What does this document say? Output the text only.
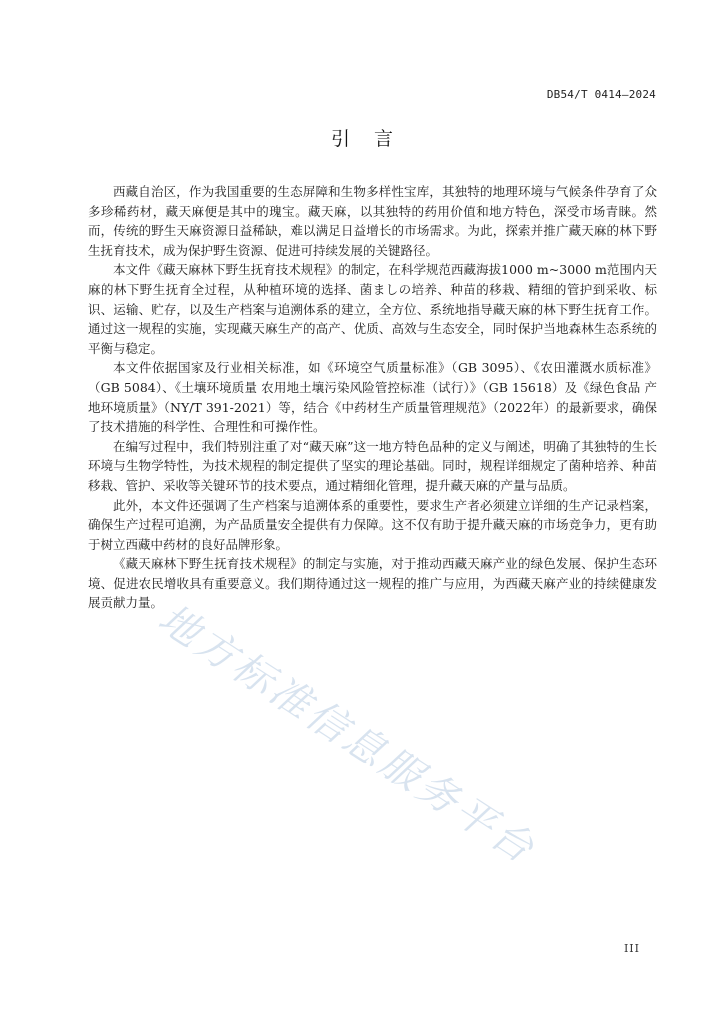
DB54/T 0414—2024
引言

西藏自治区，作为我国重要的生态屏障和生物多样性宝库，其独特的地理环境与气候条件孕育了众多珍稀药材，藏天麻便是其中的瑰宝。藏天麻，以其独特的药用价值和地方特色，深受市场青睐。然而，传统的野生天麻资源日益稀缺，难以满足日益增长的市场需求。为此，探索并推广藏天麻的林下野生抚育技术，成为保护野生资源、促进可持续发展的关键路径。

本文件《藏天麻林下野生抚育技术规程》的制定，在科学规范西藏海拔1000 m~3000 m范围内天麻的林下野生抚育全过程，从种植环境的选择、菌ましの培养、种苗的移栽、精细的管护到采收、标识、运输、贮存，以及生产档案与追溯体系的建立，全方位、系统地指导藏天麻的林下野生抚育工作。通过这一规程的实施，实现藏天麻生产的高产、优质、高效与生态安全，同时保护当地森林生态系统的平衡与稳定。

本文件依据国家及行业相关标准，如《环境空气质量标准》（GB 3095）、《农田灌溉水质标准》（GB 5084）、《土壤环境质量 农用地土壤污染风险管控标准（试行）》（GB 15618）及《绿色食品 产地环境质量》（NY/T 391-2021）等，结合《中药材生产质量管理规范》（2022年）的最新要求，确保了技术措施的科学性、合理性和可操作性。

在编写过程中，我们特别注重了对“藏天麻”这一地方特色品种的定义与阐述，明确了其独特的生长环境与生物学特性，为技术规程的制定提供了坚实的理论基础。同时，规程详细规定了菌种培养、种苗移栽、管护、采收等关键环节的技术要点，通过精细化管理，提升藏天麻的产量与品质。

此外，本文件还强调了生产档案与追溯体系的重要性，要求生产者必须建立详细的生产记录档案，确保生产过程可追溯，为产品质量安全提供有力保障。这不仅有助于提升藏天麻的市场竞争力，更有助于树立西藏中药材的良好品牌形象。

《藏天麻林下野生抚育技术规程》的制定与实施，对于推动西藏天麻产业的绿色发展、保护生态环境、促进农民增收具有重要意义。我们期待通过这一规程的推广与应用，为西藏天麻产业的持续健康发展贡献力量。

地方标准信息服务平台
III
